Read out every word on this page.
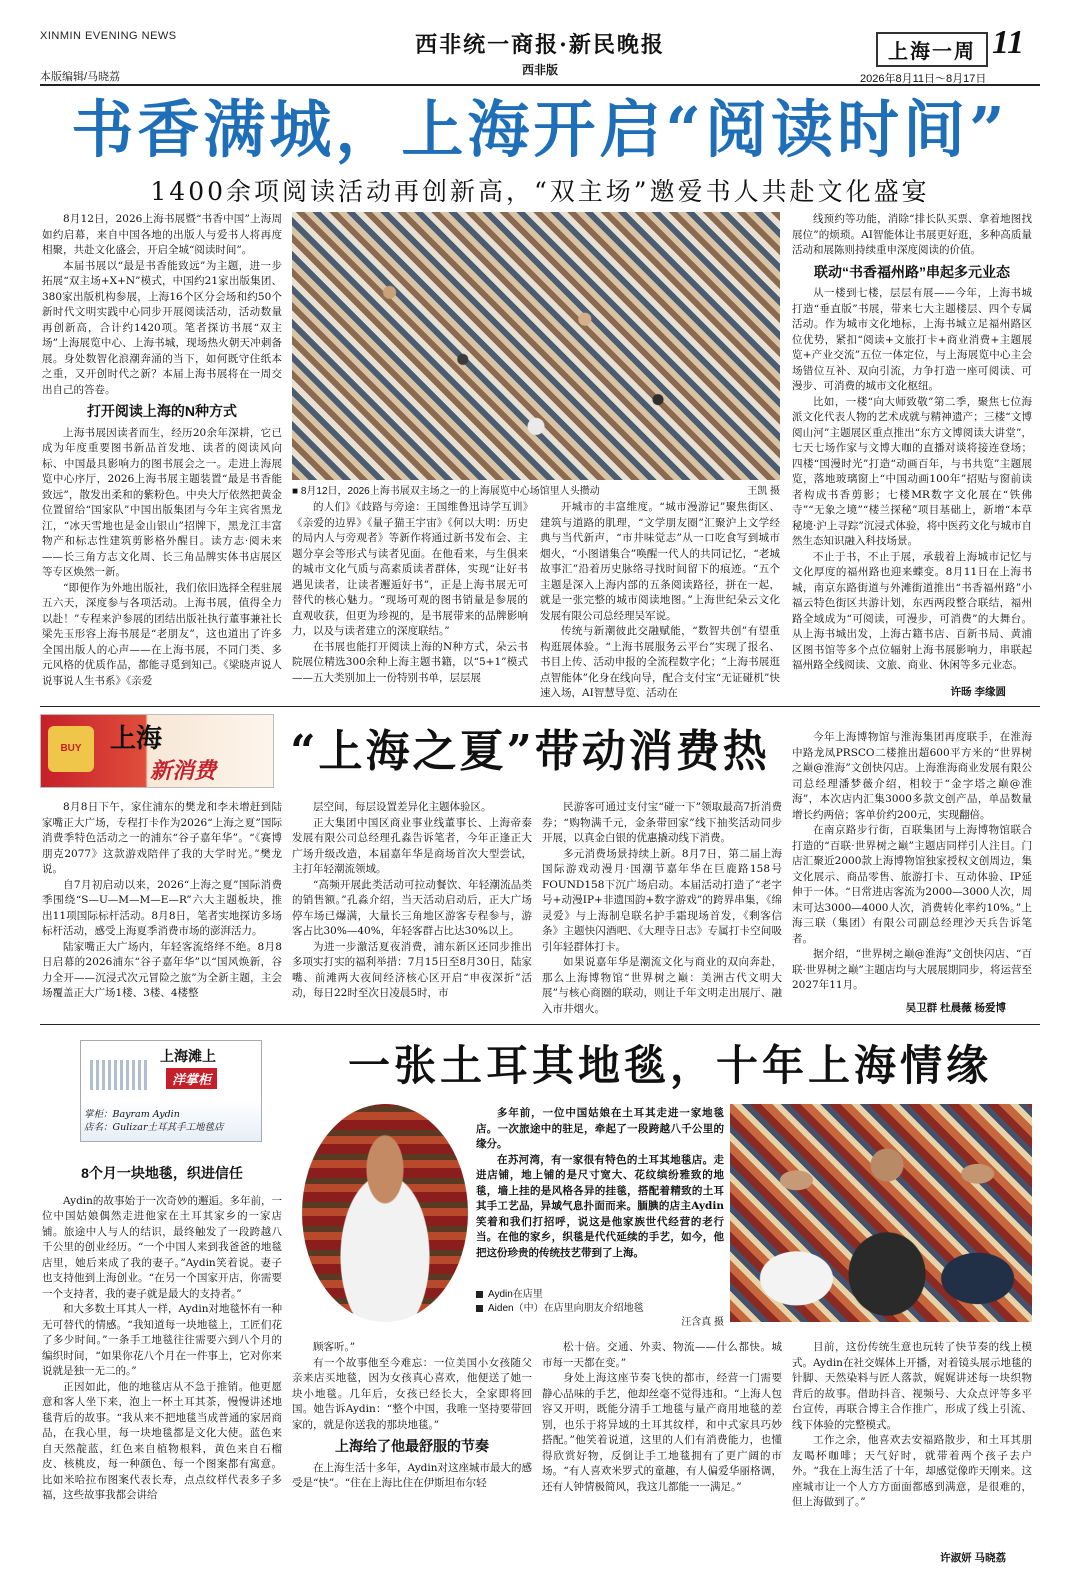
XINMIN EVENING NEWS
本版编辑/马晓荔
西非统一商报·新民晚报
西非版
上海一周 11
2026年8月11日～8月17日
书香满城，上海开启“阅读时间”
1400余项阅读活动再创新高，“双主场”邀爱书人共赴文化盛宴

8月12日，2026上海书展暨“书香中国”上海周如约启幕，来自中国各地的出版人与爱书人将再度相聚，共赴文化盛会，开启全城“阅读时间”。

本届书展以“最是书香能致远”为主题，进一步拓展“双主场+X+N”模式，中国约21家出版集团、380家出版机构参展，上海16个区分会场和约50个新时代文明实践中心同步开展阅读活动，活动数量再创新高，合计约1420项。笔者探访书展“双主场”上海展览中心、上海书城，现场热火朝天冲刺备展。身处数智化浪潮奔涌的当下，如何既守住纸本之重，又开创时代之新？本届上海书展将在一周交出自己的答卷。

打开阅读上海的N种方式

上海书展因读者而生，经历20余年深耕，它已成为年度重要图书新品首发地、读者的阅读风向标、中国最具影响力的图书展会之一。走进上海展览中心序厅，2026上海书展主题装置“最是书香能致远”，散发出柔和的紫粉色。中央大厅依然把黄金位置留给“国家队”中国出版集团与今年主宾省黑龙江，“冰天雪地也是金山银山”招牌下，黑龙江丰富物产和标志性建筑剪影格外醒目。读方志·阅未来——长三角方志文化周、长三角品牌实体书店展区等专区焕然一新。

“即便作为外地出版社，我们依旧选择全程驻展五六天，深度参与各项活动。上海书展，值得全力以赴！”专程来沪参展的团结出版社执行董事兼社长梁先玉形容上海书展是“老朋友”，这也道出了许多全国出版人的心声——在上海书展，不同门类、多元风格的优质作品，都能寻觅到知己。《梁晓声说人说事说人生书系》《亲爱

■ 8月12日，2026上海书展双主场之一的上海展览中心场馆里人头攒动	王凯 摄

的人们》《歧路与旁途：王国维鲁迅诗学互训》《亲爱的边界》《量子猫王宇宙》《何以大明：历史的局内人与旁观者》等新作将通过新书发布会、主题分享会等形式与读者见面。在他看来，与生俱来的城市文化气质与高素质读者群体，实现“让好书遇见读者，让读者邂逅好书”，正是上海书展无可替代的核心魅力。“现场可观的图书销量是参展的直观收获，但更为珍视的，是书展带来的品牌影响力，以及与读者建立的深度联结。”

在书展也能打开阅读上海的N种方式，朵云书院展位精选300余种上海主题书籍，以“5+1”模式——五大类别加上一份特别书单，层层展

开城市的丰富维度。“城市漫游记”聚焦街区、建筑与道路的肌理，“文学朋友圈”汇聚沪上文学经典与当代新声，“市井味觉志”从一口吃食写到城市烟火，“小图谱集合”唤醒一代人的共同记忆，“老城故事汇”沿着历史脉络寻找时间留下的痕迹。“五个主题是深入上海内部的五条阅读路径，拼在一起，就是一张完整的城市阅读地图。”上海世纪朵云文化发展有限公司总经理吴军说。

传统与新潮彼此交融赋能，“数智共创”有望重构逛展体验。“上海书展服务云平台”实现了报名、书目上传、活动申报的全流程数字化；“上海书展逛点智能体”化身在线向导，配合支付宝“无证碰机”快速入场，AI智慧导览、活动在

线预约等功能，消除“排长队买票、拿着地图找展位”的烦琐。AI智能体让书展更好逛，多种高质量活动和展陈则持续重申深度阅读的价值。

联动“书香福州路”串起多元业态

从一楼到七楼，层层有展——今年，上海书城打造“垂直版”书展，带来七大主题楼层、四个专属活动。作为城市文化地标，上海书城立足福州路区位优势，紧扣“阅读+文旅打卡+商业消费+主题展览+产业交流”五位一体定位，与上海展览中心主会场错位互补、双向引流，力争打造一座可阅读、可漫步、可消费的城市文化枢纽。

比如，一楼“向大师致敬”第二季，聚焦七位海派文化代表人物的艺术成就与精神遗产；三楼“文博阅山河”主题展区重点推出“东方文博阅读大讲堂”，七天七场作家与文博大咖的直播对谈将接连登场；四楼“国漫时光”打造“动画百年，与书共览”主题展览，落地玻璃窗上“中国动画100年”招贴与窗前读者构成书香剪影；七楼MR数字文化展在“铁佛寺”“无象之境”“楼兰探秘”项目基础上，新增“本草秘境·沪上寻踪”沉浸式体验，将中医药文化与城市自然生态知识融入科技场景。

不止于书，不止于展，承载着上海城市记忆与文化厚度的福州路也迎来蝶变。8月11日在上海书城，南京东路街道与外滩街道推出“书香福州路”小福云特色街区共游计划，东西两段整合联结，福州路全域成为“可阅读，可漫步，可消费”的大舞台。从上海书城出发，上海古籍书店、百新书局、黄浦区图书馆等多个点位辐射上海书展影响力，串联起福州路全线阅读、文旅、商业、休闲等多元业态。

许旸 李缘圆
BUY	上海
新消费 “上海之夏”带动消费热

8月8日下午，家住浦东的樊龙和李未增赶到陆家嘴正大广场，专程打卡作为2026“上海之夏”国际消费季特色活动之一的浦东“谷子嘉年华”。“《赛博朋克2077》这款游戏陪伴了我的大学时光。”樊龙说。

自7月初启动以来，2026“上海之夏”国际消费季围绕“S—U—M—M—E—R”六大主题板块，推出11项国际标杆活动。8月8日，笔者实地探访多场标杆活动，感受上海夏季消费市场的澎湃活力。

陆家嘴正大广场内，年轻客流络绎不绝。8月8日启幕的2026浦东“谷子嘉年华”以“国风焕新，谷力全开——沉浸式次元冒险之旅”为全新主题，主会场覆盖正大广场1楼、3楼、4楼整

层空间，每层设置差异化主题体验区。

正大集团中国区商业事业线董事长、上海帝泰发展有限公司总经理孔淼告诉笔者，今年正逢正大广场升级改造，本届嘉年华是商场首次大型尝试，主打年轻潮流领域。

“高频开展此类活动可拉动餐饮、年轻潮流品类的销售额。”孔淼介绍，当天活动启动后，正大广场停车场已爆满，大量长三角地区游客专程参与，游客占比30%—40%，年轻客群占比达30%以上。

为进一步激活夏夜消费，浦东新区还同步推出多项实打实的福利举措：7月15日至8月30日，陆家嘴、前滩两大夜间经济核心区开启“申夜深折”活动，每日22时至次日凌晨5时，市

民游客可通过支付宝“碰一下”领取最高7折消费券；“购物满千元，金条带回家”线下抽奖活动同步开展，以真金白银的优惠撬动线下消费。

多元消费场景持续上新。8月7日，第二届上海国际游戏动漫月·国潮节嘉年华在巨鹿路158号FOUND158下沉广场启动。本届活动打造了“老字号+动漫IP+非遗国韵+数字游戏”的跨界串集，《绵灵爱》与上海制皂联名护手霜现场首发，《剩客信条》主题快闪酒吧、《大理寺日志》专属打卡空间吸引年轻群体打卡。

如果说嘉年华是潮流文化与商业的双向奔赴，那么上海博物馆“世界树之巅：美洲古代文明大展”与核心商圈的联动，则让千年文明走出展厅、融入市井烟火。

今年上海博物馆与淮海集团再度联手，在淮海中路龙凤PRSCO二楼推出超600平方米的“世界树之巅@淮海”文创快闪店。上海淮海商业发展有限公司总经理潘梦薇介绍，相较于“金字塔之巅@淮海”，本次店内汇集3000多款文创产品，单品数量增长约两倍；客单价约200元，实现翻倍。

在南京路步行街，百联集团与上海博物馆联合打造的“百联·世界树之巅”主题店同样引人注目。门店汇聚近2000款上海博物馆独家授权文创周边，集文化展示、商品零售、旅游打卡、互动体验、IP延伸于一体。“日常进店客流为2000—3000人次，周末可达3000—4000人次，消费转化率约10%。”上海三联（集团）有限公司副总经理沙天兵告诉笔者。

据介绍，“世界树之巅@淮海”文创快闪店、“百联·世界树之巅”主题店均与大展展期同步，将运营至2027年11月。

吴卫群 杜晨薇 杨爱博
上海滩上
洋掌柜
掌柜：Bayram Aydin
店名：Gulizar土耳其手工地毯店
一张土耳其地毯，十年上海情缘

多年前，一位中国姑娘在土耳其走进一家地毯店。一次旅途中的驻足，牵起了一段跨越八千公里的缘分。

在苏河湾，有一家很有特色的土耳其地毯店。走进店铺，地上铺的是尺寸宽大、花纹缤纷雅致的地毯，墙上挂的是风格各异的挂毯，搭配着精致的土耳其手工艺品，异域气息扑面而来。腼腆的店主Aydin笑着和我们打招呼，说这是他家族世代经营的老行当。在他的家乡，织毯是代代延续的手艺，如今，他把这份珍贵的传统技艺带到了上海。

Aydin在店里
Aiden（中）在店里向朋友介绍地毯
汪含真 摄
8个月一块地毯，织进信任

Aydin的故事始于一次奇妙的邂逅。多年前，一位中国姑娘偶然走进他家在土耳其家乡的一家店铺。旅途中人与人的结识，最终触发了一段跨越八千公里的创业经历。“一个中国人来到我爸爸的地毯店里，她后来成了我的妻子。”Aydin笑着说。妻子也支持他到上海创业。“在另一个国家开店，你需要一个支持者，我的妻子就是最大的支持者。”

和大多数土耳其人一样，Aydin对地毯怀有一种无可替代的情感。“我知道每一块地毯上，工匠们花了多少时间。”一条手工地毯往往需要六到八个月的编织时间，“如果你花八个月在一件事上，它对你来说就是独一无二的。”

正因如此，他的地毯店从不急于推销。他更愿意和客人坐下来，泡上一杯土耳其茶，慢慢讲述地毯背后的故事。“我从来不把地毯当成普通的家居商品，在我心里，每一块地毯都是文化大使。蓝色来自天然靛蓝，红色来自植物根料，黄色来自石榴皮、核桃皮，每一种颜色、每一个图案都有寓意。比如米哈拉布图案代表长寿，点点纹样代表多子多福，这些故事我都会讲给

顾客听。”

有一个故事他至今难忘：一位美国小女孩随父亲来店买地毯，因为女孩真心喜欢，他便送了她一块小地毯。几年后，女孩已经长大，全家即将回国。她告诉Aydin：“整个中国，我唯一坚持要带回家的，就是你送我的那块地毯。”

上海给了他最舒服的节奏

在上海生活十多年，Aydin对这座城市最大的感受是“快”。“住在上海比住在伊斯坦布尔轻

松十倍。交通、外卖、物流——什么都快。城市每一天都在变。”

身处上海这座节奏飞快的都市，经营一门需要静心品味的手艺，他却丝毫不觉得违和。“上海人包容又开明，既能分清手工地毯与量产商用地毯的差别，也乐于将异域的土耳其纹样，和中式家具巧妙搭配。”他笑着说道，这里的人们有消费能力，也懂得欣赏好物，反倒让手工地毯拥有了更广阔的市场。“有人喜欢米罗式的童趣，有人偏爱华丽格调，还有人钟情极简风，我这儿都能一一满足。”

目前，这份传统生意也玩转了快节奏的线上模式。Aydin在社交媒体上开播，对着镜头展示地毯的针脚、天然染料与匠人落款，娓娓讲述每一块织物背后的故事。借助抖音、视频号、大众点评等多平台宣传，再联合博主合作推广，形成了线上引流、线下体验的完整模式。

工作之余，他喜欢去安福路散步，和土耳其朋友喝杯咖啡；天气好时，就带着两个孩子去户外。“我在上海生活了十年，却感觉像昨天刚来。这座城市让一个人方方面面都感到满意，是很难的，但上海做到了。”

许淑妍 马晓荔
